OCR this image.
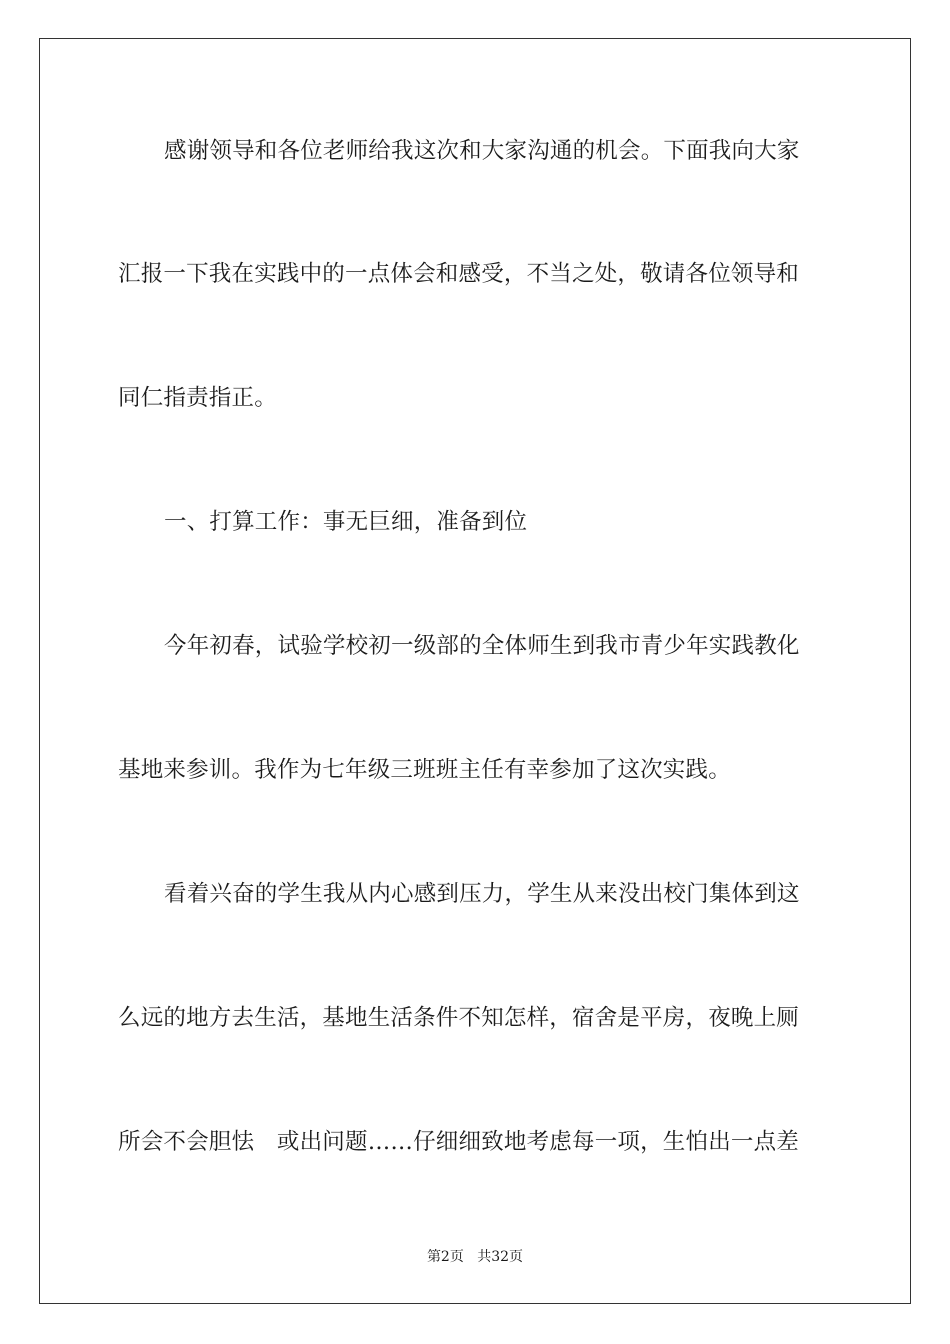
感谢领导和各位老师给我这次和大家沟通的机会。下面我向大家
汇报一下我在实践中的一点体会和感受，不当之处，敬请各位领导和
同仁指责指正。
一、打算工作：事无巨细，准备到位
今年初春，试验学校初一级部的全体师生到我市青少年实践教化
基地来参训。我作为七年级三班班主任有幸参加了这次实践。
看着兴奋的学生我从内心感到压力，学生从来没出校门集体到这
么远的地方去生活，基地生活条件不知怎样，宿舍是平房，夜晚上厕
所会不会胆怯　或出问题……仔细细致地考虑每一项，生怕出一点差
第2页 共32页
